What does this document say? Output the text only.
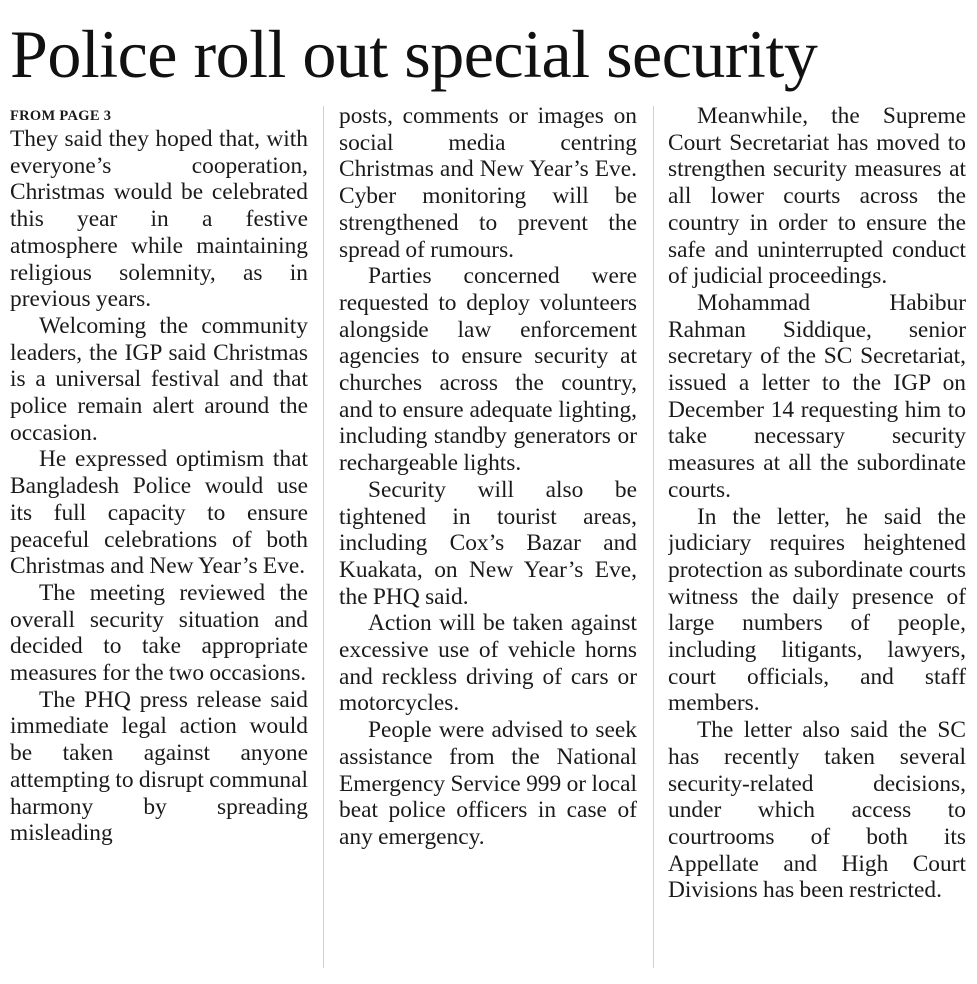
Police roll out special security

FROM PAGE 3

They said they hoped that, with everyone’s cooperation, Christmas would be celebrated this year in a festive atmosphere while maintaining religious solemnity, as in previous years.

Welcoming the community leaders, the IGP said Christmas is a universal festival and that police remain alert around the occasion.

He expressed optimism that Bangladesh Police would use its full capacity to ensure peaceful celebrations of both Christmas and New Year’s Eve.

The meeting reviewed the overall security situation and decided to take appropriate measures for the two occasions.

The PHQ press release said immediate legal action would be taken against anyone attempting to disrupt communal harmony by spreading misleading

posts, comments or images on social media centring Christmas and New Year’s Eve. Cyber monitoring will be strengthened to prevent the spread of rumours.

Parties concerned were requested to deploy volunteers alongside law enforcement agencies to ensure security at churches across the country, and to ensure adequate lighting, including standby generators or rechargeable lights.

Security will also be tightened in tourist areas, including Cox’s Bazar and Kuakata, on New Year’s Eve, the PHQ said.

Action will be taken against excessive use of vehicle horns and reckless driving of cars or motorcycles.

People were advised to seek assistance from the National Emergency Service 999 or local beat police officers in case of any emergency.

Meanwhile, the Supreme Court Secretariat has moved to strengthen security measures at all lower courts across the country in order to ensure the safe and uninterrupted conduct of judicial proceedings.

Mohammad Habibur Rahman Siddique, senior secretary of the SC Secretariat, issued a letter to the IGP on December 14 requesting him to take necessary security measures at all the subordinate courts.

In the letter, he said the judiciary requires heightened protection as subordinate courts witness the daily presence of large numbers of people, including litigants, lawyers, court officials, and staff members.

The letter also said the SC has recently taken several security-related decisions, under which access to courtrooms of both its Appellate and High Court Divisions has been restricted.
